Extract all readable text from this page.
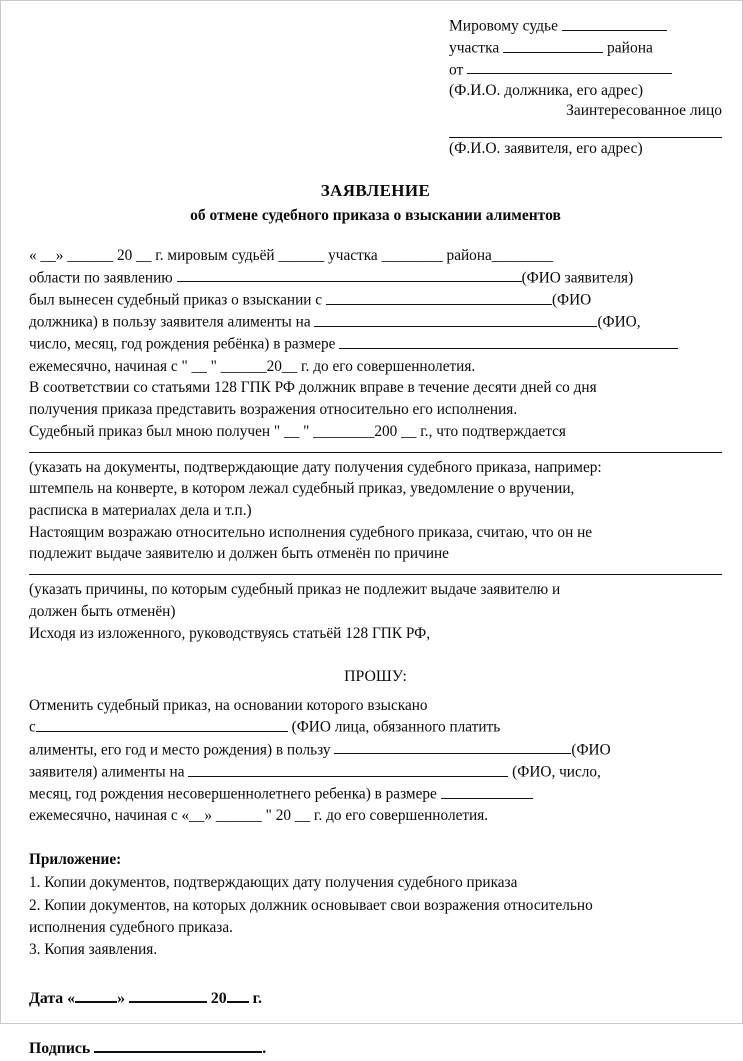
Мировому судье
участка	района
от
(Ф.И.О. должника, его адрес)
Заинтересованное лицо
(Ф.И.О. заявителя, его адрес)
ЗАЯВЛЕНИЕ
об отмене судебного приказа о взыскании алиментов
« __» ______ 20 __ г. мировым судьёй ______ участка ________ района________
области по заявлению	(ФИО заявителя)
был вынесен судебный приказ о взыскании с	(ФИО
должника) в пользу заявителя алименты на	(ФИО,
число, месяц, год рождения ребёнка) в размере
ежемесячно, начиная с " __ " ______20__ г. до его совершеннолетия.
В соответствии со статьями 128 ГПК РФ должник вправе в течение десяти дней со дня
получения приказа представить возражения относительно его исполнения.
Судебный приказ был мною получен " __ " ________200 __ г., что подтверждается
(указать на документы, подтверждающие дату получения судебного приказа, например:
штемпель на конверте, в котором лежал судебный приказ, уведомление о вручении,
расписка в материалах дела и т.п.)
Настоящим возражаю относительно исполнения судебного приказа, считаю, что он не
подлежит выдаче заявителю и должен быть отменён по причине
(указать причины, по которым судебный приказ не подлежит выдаче заявителю и
должен быть отменён)
Исходя из изложенного, руководствуясь статьёй 128 ГПК РФ,
ПРОШУ:
Отменить судебный приказ, на основании которого взыскано
с	(ФИО лица, обязанного платить
алименты, его год и место рождения) в пользу	(ФИО
заявителя) алименты на	(ФИО, число,
месяц, год рождения несовершеннолетнего ребенка) в размере
ежемесячно, начиная с «__» ______ " 20 __ г. до его совершеннолетия.
Приложение:
1. Копии документов, подтверждающих дату получения судебного приказа
2. Копии документов, на которых должник основывает свои возражения относительно
исполнения судебного приказа.
3. Копия заявления.
Дата «	»	20 г.
Подпись	.
